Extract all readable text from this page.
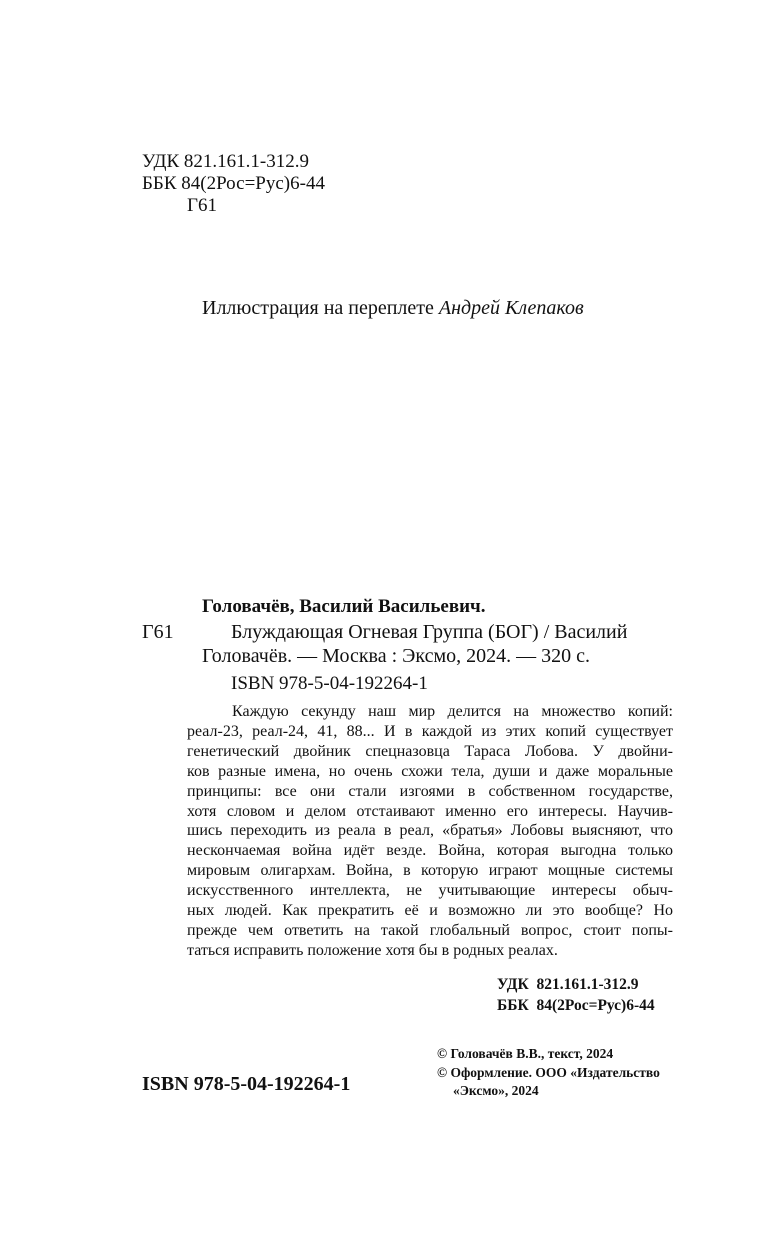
УДК 821.161.1-312.9
ББК 84(2Рос=Рус)6-44
Г61
Иллюстрация на переплете Андрей Клепаков
Головачёв, Василий Васильевич.
Г61	Блуждающая Огневая Группа (БОГ) / Василий
Головачёв. — Москва : Эксмо, 2024. — 320 с.
ISBN 978-5-04-192264-1
Каждую секунду наш мир делится на множество копий:
реал-23, реал-24, 41, 88... И в каждой из этих копий существует
генетический двойник спецназовца Тараса Лобова. У двойни-
ков разные имена, но очень схожи тела, души и даже моральные
принципы: все они стали изгоями в собственном государстве,
хотя словом и делом отстаивают именно его интересы. Научив-
шись переходить из реала в реал, «братья» Лобовы выясняют, что
нескончаемая война идёт везде. Война, которая выгодна только
мировым олигархам. Война, в которую играют мощные системы
искусственного интеллекта, не учитывающие интересы обыч-
ных людей. Как прекратить её и возможно ли это вообще? Но
прежде чем ответить на такой глобальный вопрос, стоит попы-
таться исправить положение хотя бы в родных реалах.
УДК  821.161.1-312.9
ББК  84(2Рос=Рус)6-44
© Головачёв В.В., текст, 2024
© Оформление. ООО «Издательство
«Эксмо», 2024
ISBN 978-5-04-192264-1
